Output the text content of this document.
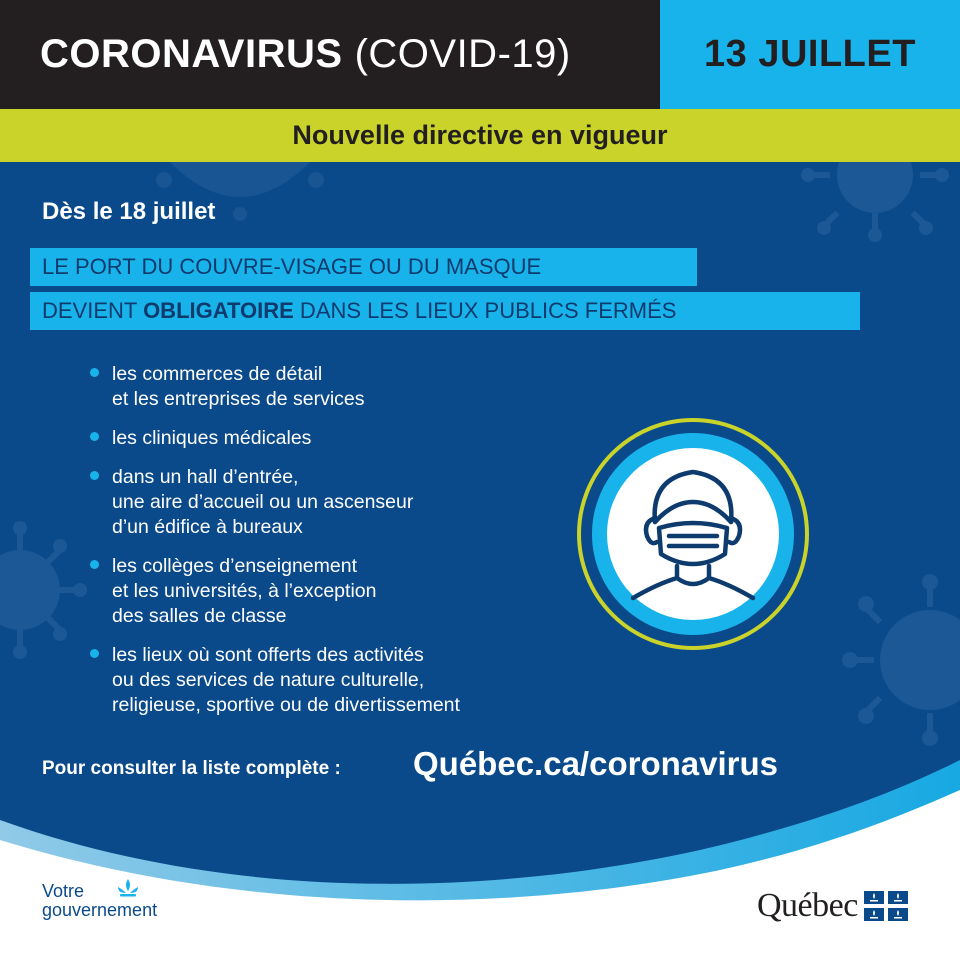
CORONAVIRUS (COVID-19)	13 JUILLET
Nouvelle directive en vigueur
Dès le 18 juillet
LE PORT DU COUVRE-VISAGE OU DU MASQUE
DEVIENT OBLIGATOIRE DANS LES LIEUX PUBLICS FERMÉS
les commerces de détail
et les entreprises de services
les cliniques médicales
dans un hall d’entrée,
une aire d’accueil ou un ascenseur
d’un édifice à bureaux
les collèges d’enseignement
et les universités, à l’exception
des salles de classe
les lieux où sont offerts des activités
ou des services de nature culturelle,
religieuse, sportive ou de divertissement
Pour consulter la liste complète : Québec.ca/coronavirus
Votre
gouvernement	Québec
